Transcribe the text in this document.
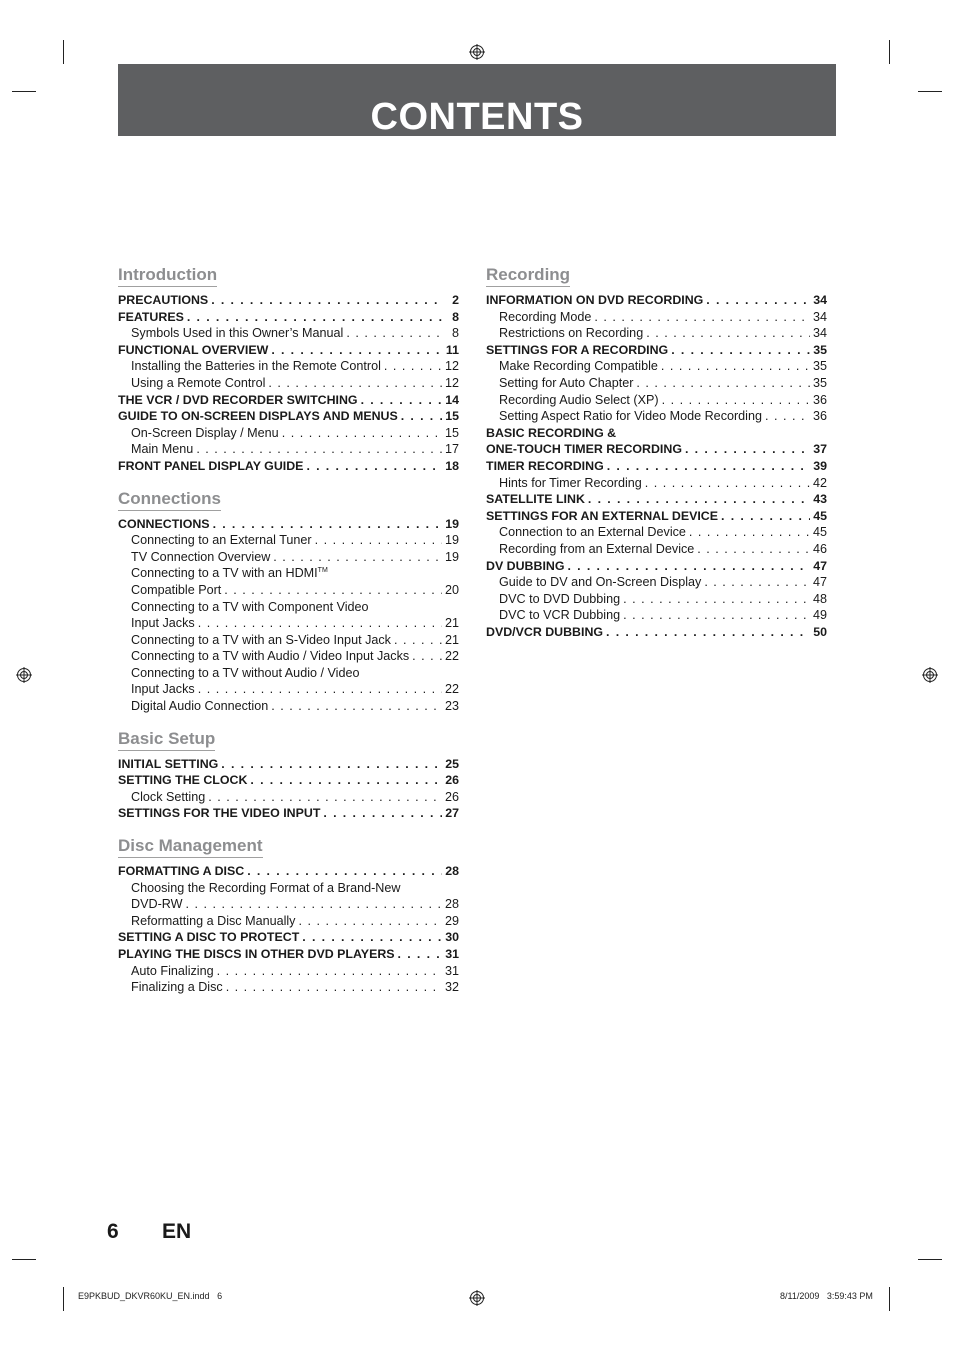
CONTENTS
Introduction
PRECAUTIONS . . .	2
FEATURES . . .	8
Symbols Used in this Owner’s Manual . . .	8
FUNCTIONAL OVERVIEW . . .	11
Installing the Batteries in the Remote Control . . .	12
Using a Remote Control . . .	12
THE VCR / DVD RECORDER SWITCHING . . .	14
GUIDE TO ON-SCREEN DISPLAYS AND MENUS . . .	15
On-Screen Display / Menu . . .	15
Main Menu . . .	17
FRONT PANEL DISPLAY GUIDE . . .	18
Connections
CONNECTIONS . . .	19
Connecting to an External Tuner . . .	19
TV Connection Overview . . .	19
Connecting to a TV with an HDMI™
Compatible Port . . .	20
Connecting to a TV with Component Video
Input Jacks . . .	21
Connecting to a TV with an S-Video Input Jack . . .	21
Connecting to a TV with Audio / Video Input Jacks . . .	22
Connecting to a TV without Audio / Video
Input Jacks . . .	22
Digital Audio Connection . . .	23
Basic Setup
INITIAL SETTING . . .	25
SETTING THE CLOCK . . .	26
Clock Setting . . .	26
SETTINGS FOR THE VIDEO INPUT . . .	27
Disc Management
FORMATTING A DISC . . .	28
Choosing the Recording Format of a Brand-New
DVD-RW . . .	28
Reformatting a Disc Manually . . .	29
SETTING A DISC TO PROTECT . . .	30
PLAYING THE DISCS IN OTHER DVD PLAYERS . . .	31
Auto Finalizing . . .	31
Finalizing a Disc . . .	32
Recording
INFORMATION ON DVD RECORDING . . .	34
Recording Mode . . .	34
Restrictions on Recording . . .	34
SETTINGS FOR A RECORDING . . .	35
Make Recording Compatible . . .	35
Setting for Auto Chapter . . .	35
Recording Audio Select (XP) . . .	36
Setting Aspect Ratio for Video Mode Recording . . .	36
BASIC RECORDING &
ONE-TOUCH TIMER RECORDING . . .	37
TIMER RECORDING . . .	39
Hints for Timer Recording . . .	42
SATELLITE LINK . . .	43
SETTINGS FOR AN EXTERNAL DEVICE . . .	45
Connection to an External Device . . .	45
Recording from an External Device . . .	46
DV DUBBING . . .	47
Guide to DV and On-Screen Display . . .	47
DVC to DVD Dubbing . . .	48
DVC to VCR Dubbing . . .	49
DVD/VCR DUBBING . . .	50
6 EN
E9PKBUD_DKVR60KU_EN.indd   6	8/11/2009   3:59:43 PM
